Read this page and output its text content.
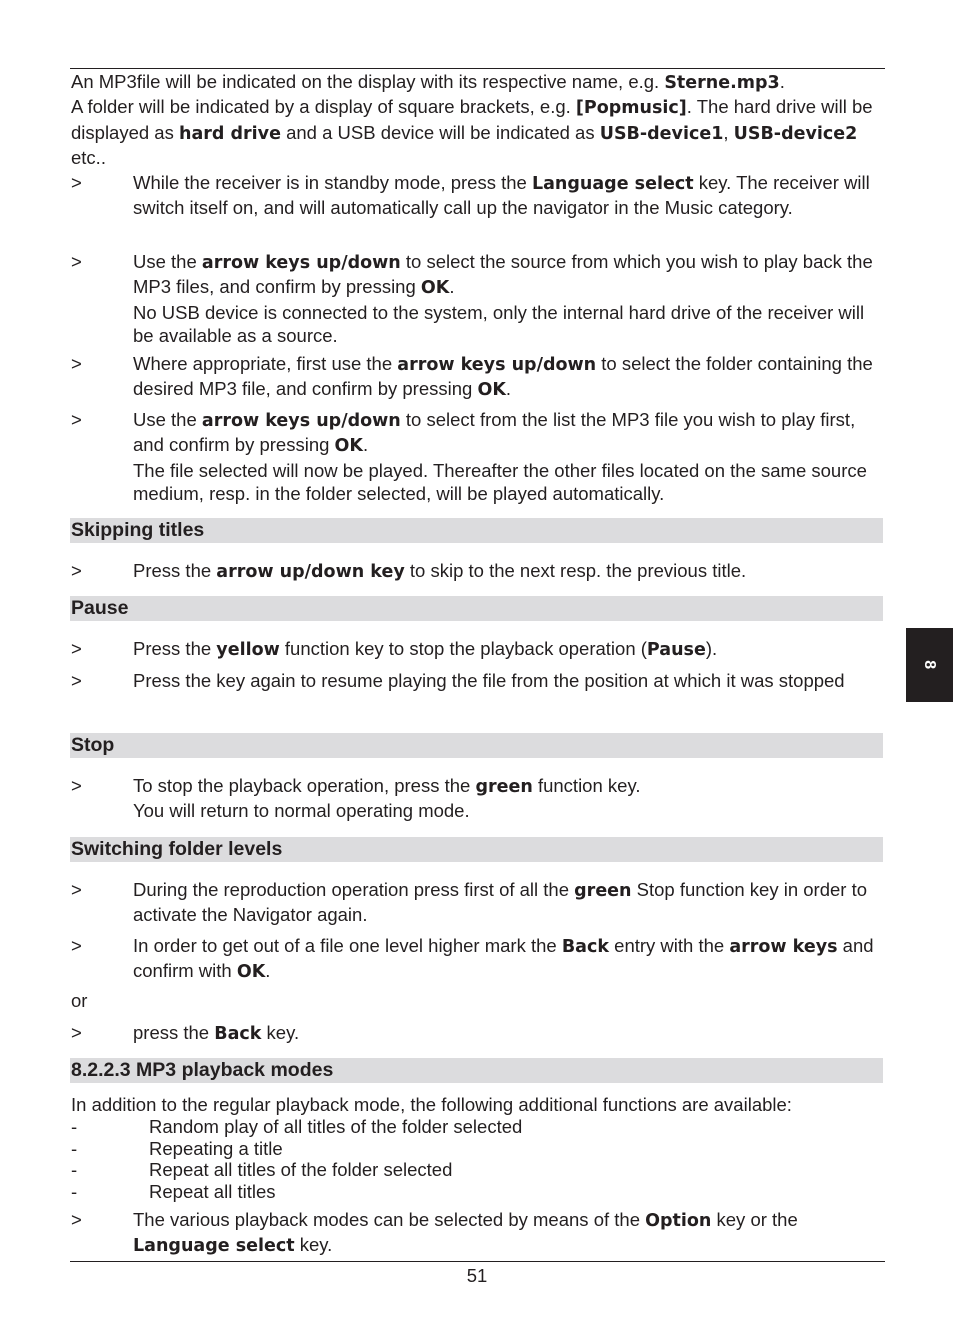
An MP3file will be indicated on the display with its respective name, e.g. Sterne.mp3.
A folder will be indicated by a display of square brackets, e.g. [Popmusic]. The hard drive will be displayed as hard drive and a USB device will be indicated as USB-device1, USB-device2 etc..
>	While the receiver is in standby mode, press the Language select key. The receiver will switch itself on, and will automatically call up the navigator in the Music category.
>	Use the arrow keys up/down to select the source from which you wish to play back the MP3 files, and confirm by pressing OK.
No USB device is connected to the system, only the internal hard drive of the receiver will be available as a source.
>	Where appropriate, first use the arrow keys up/down to select the folder containing the desired MP3 file, and confirm by pressing OK.
>	Use the arrow keys up/down to select from the list the MP3 file you wish to play first, and confirm by pressing OK.
The file selected will now be played. Thereafter the other files located on the same source medium, resp. in the folder selected, will be played automatically.
Skipping titles
>	Press the arrow up/down key to skip to the next resp. the previous title.
Pause
>	Press the yellow function key to stop the playback operation (Pause).
>	Press the key again to resume playing the file from the position at which it was stopped
Stop
>	To stop the playback operation, press the green function key.
You will return to normal operating mode.
Switching folder levels
>	During the reproduction operation press first of all the green Stop function key in order to activate the Navigator again.
>	In order to get out of a file one level higher mark the Back entry with the arrow keys and confirm with OK.
or
>	press the Back key.
8.2.2.3 MP3 playback modes
In addition to the regular playback mode, the following additional functions are available:
-	Random play of all titles of the folder selected
-	Repeating a title
-	Repeat all titles of the folder selected
-	Repeat all titles
>	The various playback modes can be selected by means of the Option key or the Language select key.
51
8
